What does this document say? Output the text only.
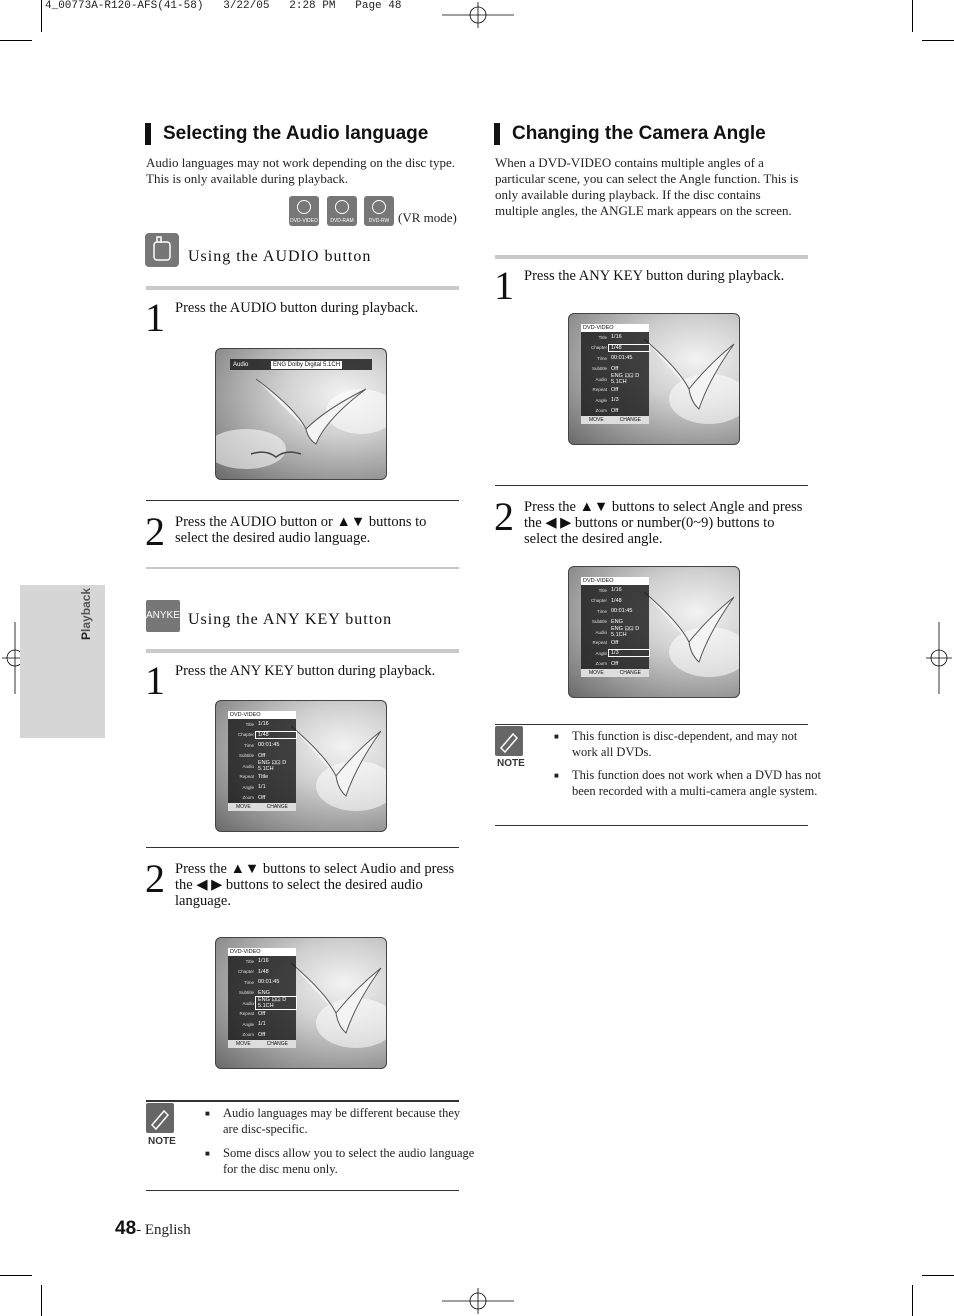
4_00773A-R120-AFS(41-58)   3/22/05   2:28 PM   Page 48
Playback
Selecting the Audio language
Audio languages may not work depending on the disc type. This is only available during playback.
DVD-VIDEO	DVD-RAM	DVD-RW (VR mode)
Using the AUDIO button
1 Press the AUDIO button during playback.
Audio	ENG Dolby Digital 5.1CH
2 Press the AUDIO button or ▲▼ buttons to select the desired audio language.
ANYKEY Using the ANY KEY button
1 Press the ANY KEY button during playback.
DVD-VIDEO
Title 1/16
Chapter 1/48
Time 00:01:45
Subtitle Off
Audio ENG ⊡⊡ D 5.1CH
Repeat Title
Angle 1/1
Zoom Off
MOVE	CHANGE
2 Press the ▲▼ buttons to select Audio and press the ◀ ▶ buttons to select the desired audio language.
DVD-VIDEO
Title 1/16
Chapter 1/48
Time 00:01:45
Subtitle ENG
Audio ENG ⊡⊡ D 5.1CH
Repeat Off
Angle 1/1
Zoom Off
MOVE	CHANGE
NOTE
■ Audio languages may be different because they are disc-specific.
■ Some discs allow you to select the audio language for the disc menu only.
Changing the Camera Angle
When a DVD-VIDEO contains multiple angles of a particular scene, you can select the Angle function. This is only available during playback. If the disc contains multiple angles, the ANGLE mark appears on the screen.
1 Press the ANY KEY button during playback.
DVD-VIDEO
Title 1/16
Chapter 1/48
Time 00:01:45
Subtitle Off
Audio ENG ⊡⊡ D 5.1CH
Repeat Off
Angle 1/3
Zoom Off
MOVE	CHANGE
2 Press the ▲▼ buttons to select Angle and press the ◀ ▶ buttons or number(0~9) buttons to select the desired angle.
DVD-VIDEO
Title 1/16
Chapter 1/48
Time 00:01:45
Subtitle ENG
Audio ENG ⊡⊡ D 5.1CH
Repeat Off
Angle 1/3
Zoom Off
MOVE	CHANGE
NOTE
■ This function is disc-dependent, and may not work all DVDs.
■ This function does not work when a DVD has not been recorded with a multi-camera angle system.
48- English
